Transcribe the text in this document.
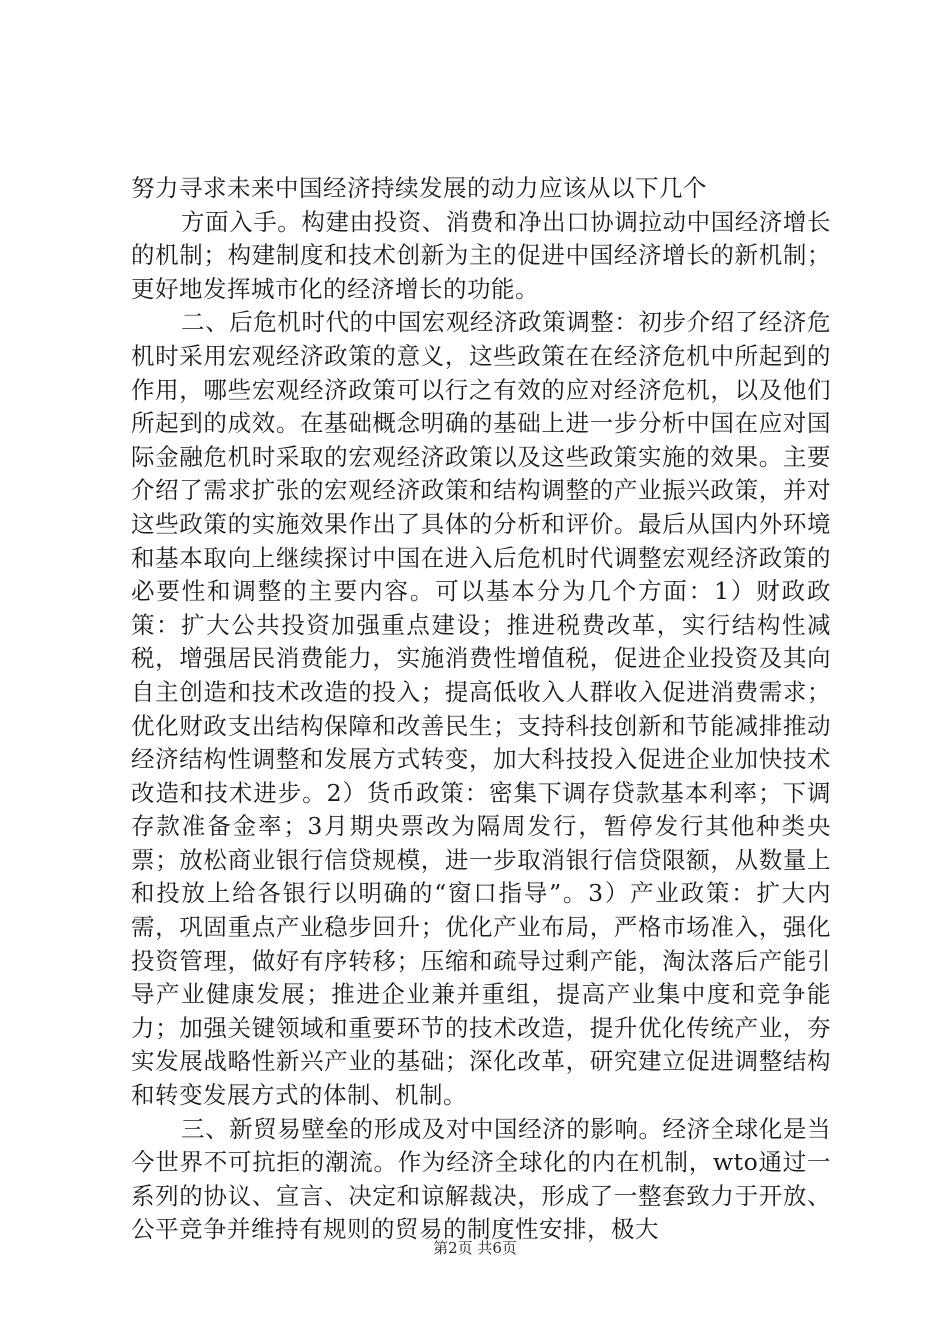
努力寻求未来中国经济持续发展的动力应该从以下几个

方面入手。构建由投资、消费和净出口协调拉动中国经济增长的机制；构建制度和技术创新为主的促进中国经济增长的新机制；更好地发挥城市化的经济增长的功能。

二、后危机时代的中国宏观经济政策调整：初步介绍了经济危机时采用宏观经济政策的意义，这些政策在在经济危机中所起到的作用，哪些宏观经济政策可以行之有效的应对经济危机，以及他们所起到的成效。在基础概念明确的基础上进一步分析中国在应对国际金融危机时采取的宏观经济政策以及这些政策实施的效果。主要介绍了需求扩张的宏观经济政策和结构调整的产业振兴政策，并对这些政策的实施效果作出了具体的分析和评价。最后从国内外环境和基本取向上继续探讨中国在进入后危机时代调整宏观经济政策的必要性和调整的主要内容。可以基本分为几个方面：1）财政政策：扩大公共投资加强重点建设；推进税费改革，实行结构性减税，增强居民消费能力，实施消费性增值税，促进企业投资及其向自主创造和技术改造的投入；提高低收入人群收入促进消费需求；优化财政支出结构保障和改善民生；支持科技创新和节能减排推动经济结构性调整和发展方式转变，加大科技投入促进企业加快技术改造和技术进步。2）货币政策：密集下调存贷款基本利率；下调存款准备金率；3月期央票改为隔周发行，暂停发行其他种类央票；放松商业银行信贷规模，进一步取消银行信贷限额，从数量上和投放上给各银行以明确的“窗口指导”。3）产业政策：扩大内需，巩固重点产业稳步回升；优化产业布局，严格市场准入，强化投资管理，做好有序转移；压缩和疏导过剩产能，淘汰落后产能引导产业健康发展；推进企业兼并重组，提高产业集中度和竞争能力；加强关键领域和重要环节的技术改造，提升优化传统产业，夯实发展战略性新兴产业的基础；深化改革，研究建立促进调整结构和转变发展方式的体制、机制。

三、新贸易壁垒的形成及对中国经济的影响。经济全球化是当今世界不可抗拒的潮流。作为经济全球化的内在机制，wto通过一系列的协议、宣言、决定和谅解裁决，形成了一整套致力于开放、公平竞争并维持有规则的贸易的制度性安排，极大

第2页 共6页
